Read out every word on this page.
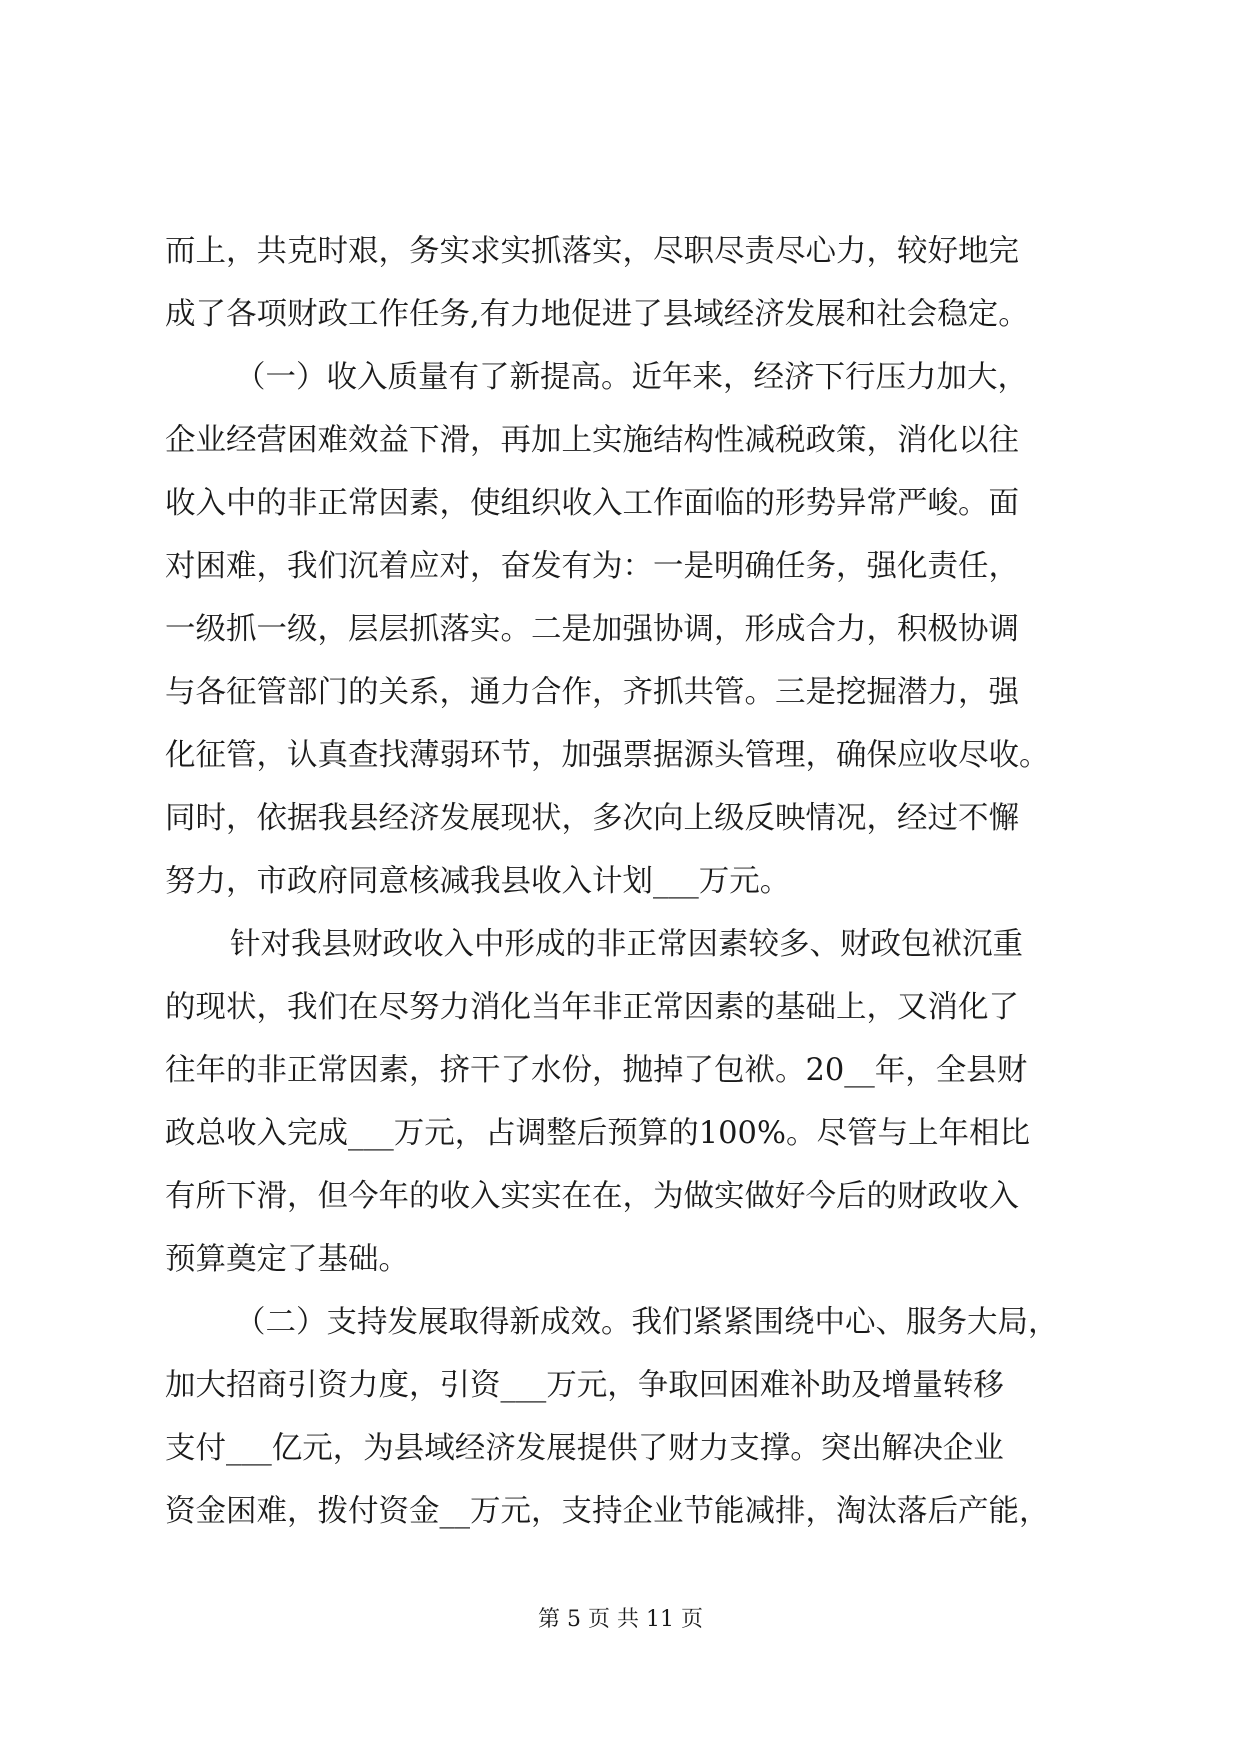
而上，共克时艰，务实求实抓落实，尽职尽责尽心力，较好地完
成了各项财政工作任务,有力地促进了县域经济发展和社会稳定。
（一）收入质量有了新提高。近年来，经济下行压力加大，
企业经营困难效益下滑，再加上实施结构性减税政策，消化以往
收入中的非正常因素，使组织收入工作面临的形势异常严峻。面
对困难，我们沉着应对，奋发有为：一是明确任务，强化责任，
一级抓一级，层层抓落实。二是加强协调，形成合力，积极协调
与各征管部门的关系，通力合作，齐抓共管。三是挖掘潜力，强
化征管，认真查找薄弱环节，加强票据源头管理，确保应收尽收。
同时，依据我县经济发展现状，多次向上级反映情况，经过不懈
努力，市政府同意核减我县收入计划___万元。
针对我县财政收入中形成的非正常因素较多、财政包袱沉重
的现状，我们在尽努力消化当年非正常因素的基础上，又消化了
往年的非正常因素，挤干了水份，抛掉了包袱。20__年，全县财
政总收入完成___万元，占调整后预算的100%。尽管与上年相比
有所下滑，但今年的收入实实在在，为做实做好今后的财政收入
预算奠定了基础。
（二）支持发展取得新成效。我们紧紧围绕中心、服务大局，
加大招商引资力度，引资___万元，争取回困难补助及增量转移
支付___亿元，为县域经济发展提供了财力支撑。突出解决企业
资金困难，拨付资金__万元，支持企业节能减排，淘汰落后产能，
第 5 页 共 11 页
